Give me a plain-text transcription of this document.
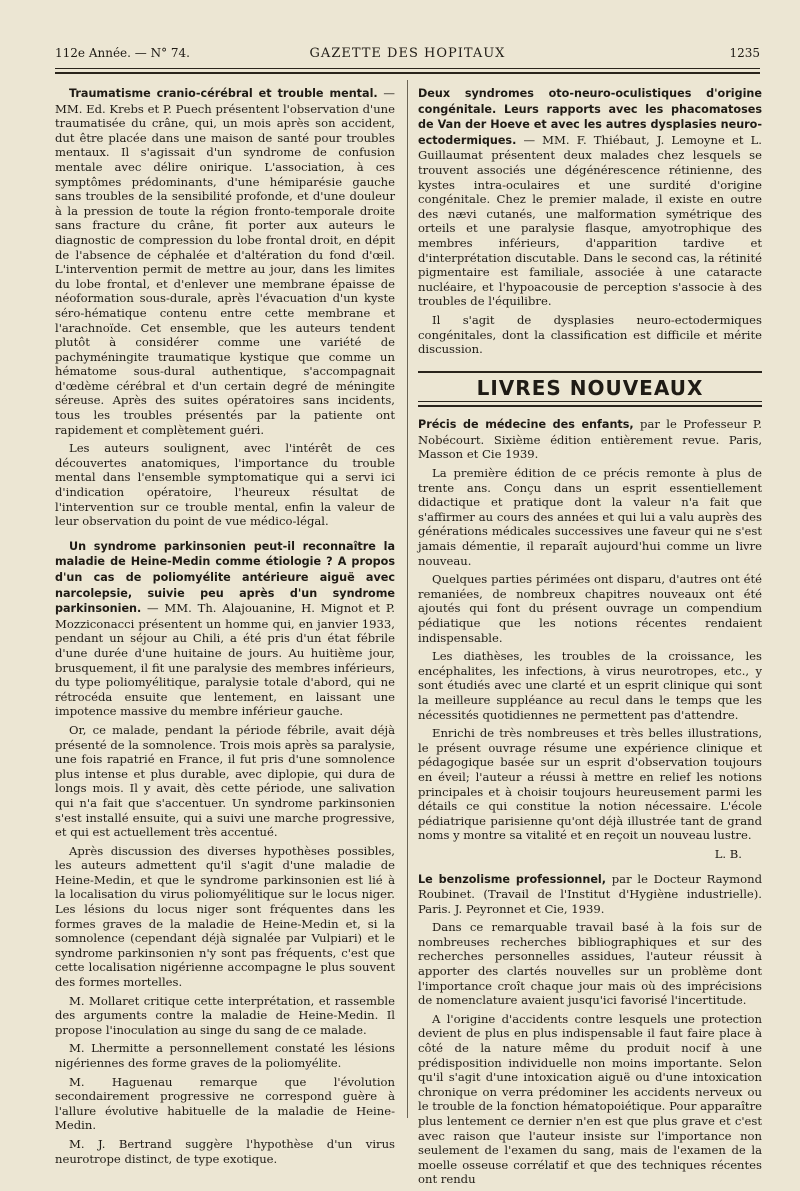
112e Année. — N° 74.	GAZETTE DES HOPITAUX	1235

Traumatisme cranio-cérébral et trouble mental. — MM. Ed. Krebs et P. Puech présentent l'observation d'une traumatisée du crâne, qui, un mois après son accident, dut être placée dans une maison de santé pour troubles mentaux. Il s'agissait d'un syndrome de confusion mentale avec délire onirique. L'association, à ces symptômes prédominants, d'une hémiparésie gauche sans troubles de la sensibilité profonde, et d'une douleur à la pression de toute la région fronto-temporale droite sans fracture du crâne, fit porter aux auteurs le diagnostic de compression du lobe frontal droit, en dépit de l'absence de céphalée et d'altération du fond d'œil. L'intervention permit de mettre au jour, dans les limites du lobe frontal, et d'enlever une membrane épaisse de néoformation sous-durale, après l'évacuation d'un kyste séro-hématique contenu entre cette membrane et l'arachnoïde. Cet ensemble, que les auteurs tendent plutôt à considérer comme une variété de pachyméningite traumatique kystique que comme un hématome sous-dural authentique, s'accompagnait d'œdème cérébral et d'un certain degré de méningite séreuse. Après des suites opératoires sans incidents, tous les troubles présentés par la patiente ont rapidement et complètement guéri.

Les auteurs soulignent, avec l'intérêt de ces découvertes anatomiques, l'importance du trouble mental dans l'ensemble symptomatique qui a servi ici d'indication opératoire, l'heureux résultat de l'intervention sur ce trouble mental, enfin la valeur de leur observation du point de vue médico-légal.

Un syndrome parkinsonien peut-il reconnaître la maladie de Heine-Medin comme étiologie ? A propos d'un cas de poliomyélite antérieure aiguë avec narcolepsie, suivie peu après d'un syndrome parkinsonien. — MM. Th. Alajouanine, H. Mignot et P. Mozziconacci présentent un homme qui, en janvier 1933, pendant un séjour au Chili, a été pris d'un état fébrile d'une durée d'une huitaine de jours. Au huitième jour, brusquement, il fit une paralysie des membres inférieurs, du type poliomyélitique, paralysie totale d'abord, qui ne rétrocéda ensuite que lentement, en laissant une impotence massive du membre inférieur gauche.

Or, ce malade, pendant la période fébrile, avait déjà présenté de la somnolence. Trois mois après sa paralysie, une fois rapatrié en France, il fut pris d'une somnolence plus intense et plus durable, avec diplopie, qui dura de longs mois. Il y avait, dès cette période, une salivation qui n'a fait que s'accentuer. Un syndrome parkinsonien s'est installé ensuite, qui a suivi une marche progressive, et qui est actuellement très accentué.

Après discussion des diverses hypothèses possibles, les auteurs admettent qu'il s'agit d'une maladie de Heine-Medin, et que le syndrome parkinsonien est lié à la localisation du virus poliomyélitique sur le locus niger. Les lésions du locus niger sont fréquentes dans les formes graves de la maladie de Heine-Medin et, si la somnolence (cependant déjà signalée par Vulpiari) et le syndrome parkinsonien n'y sont pas fréquents, c'est que cette localisation nigérienne accompagne le plus souvent des formes mortelles.

M. Mollaret critique cette interprétation, et rassemble des arguments contre la maladie de Heine-Medin. Il propose l'inoculation au singe du sang de ce malade.

M. Lhermitte a personnellement constaté les lésions nigériennes des forme graves de la poliomyélite.

M. Haguenau remarque que l'évolution secondairement progressive ne correspond guère à l'allure évolutive habituelle de la maladie de Heine-Medin.

M. J. Bertrand suggère l'hypothèse d'un virus neurotrope distinct, de type exotique.

Deux syndromes oto-neuro-oculistiques d'origine congénitale. Leurs rapports avec les phacomatoses de Van der Hoeve et avec les autres dysplasies neuro-ectodermiques. — MM. F. Thiébaut, J. Lemoyne et L. Guillaumat présentent deux malades chez lesquels se trouvent associés une dégénérescence rétinienne, des kystes intra-oculaires et une surdité d'origine congénitale. Chez le premier malade, il existe en outre des nævi cutanés, une malformation symétrique des orteils et une paralysie flasque, amyotrophique des membres inférieurs, d'apparition tardive et d'interprétation discutable. Dans le second cas, la rétinité pigmentaire est familiale, associée à une cataracte nucléaire, et l'hypoacousie de perception s'associe à des troubles de l'équilibre.

Il s'agit de dysplasies neuro-ectodermiques congénitales, dont la classification est difficile et mérite discussion.

LIVRES NOUVEAUX

Précis de médecine des enfants, par le Professeur P. Nobécourt. Sixième édition entièrement revue. Paris, Masson et Cie 1939.

La première édition de ce précis remonte à plus de trente ans. Conçu dans un esprit essentiellement didactique et pratique dont la valeur n'a fait que s'affirmer au cours des années et qui lui a valu auprès des générations médicales successives une faveur qui ne s'est jamais démentie, il reparaît aujourd'hui comme un livre nouveau.

Quelques parties périmées ont disparu, d'autres ont été remaniées, de nombreux chapitres nouveaux ont été ajoutés qui font du présent ouvrage un compendium pédiatique que les notions récentes rendaient indispensable.

Les diathèses, les troubles de la croissance, les encéphalites, les infections, à virus neurotropes, etc., y sont étudiés avec une clarté et un esprit clinique qui sont la meilleure suppléance au recul dans le temps que les nécessités quotidiennes ne permettent pas d'attendre.

Enrichi de très nombreuses et très belles illustrations, le présent ouvrage résume une expérience clinique et pédagogique basée sur un esprit d'observation toujours en éveil; l'auteur a réussi à mettre en relief les notions principales et à choisir toujours heureusement parmi les détails ce qui constitue la notion nécessaire. L'école pédiatrique parisienne qu'ont déjà illustrée tant de grand noms y montre sa vitalité et en reçoit un nouveau lustre.

L. B.

Le benzolisme professionnel, par le Docteur Raymond Roubinet. (Travail de l'Institut d'Hygiène industrielle). Paris. J. Peyronnet et Cie, 1939.

Dans ce remarquable travail basé à la fois sur de nombreuses recherches bibliographiques et sur des recherches personnelles assidues, l'auteur réussit à apporter des clartés nouvelles sur un problème dont l'importance croît chaque jour mais où des imprécisions de nomenclature avaient jusqu'ici favorisé l'incertitude.

A l'origine d'accidents contre lesquels une protection devient de plus en plus indispensable il faut faire place à côté de la nature même du produit nocif à une prédisposition individuelle non moins importante. Selon qu'il s'agit d'une intoxication aiguë ou d'une intoxication chronique on verra prédominer les accidents nerveux ou le trouble de la fonction hématopoiétique. Pour apparaître plus lentement ce dernier n'en est que plus grave et c'est avec raison que l'auteur insiste sur l'importance non seulement de l'examen du sang, mais de l'examen de la moelle osseuse corrélatif et que des techniques récentes ont rendu
